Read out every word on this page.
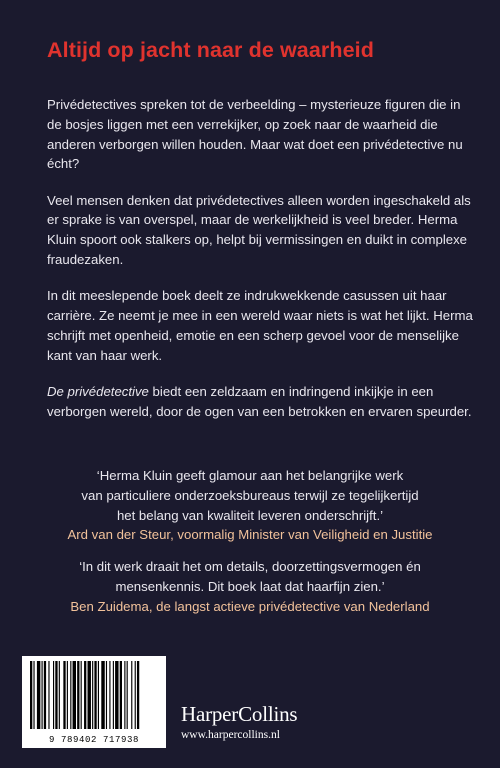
Altijd op jacht naar de waarheid

Privédetectives spreken tot de verbeelding – mysterieuze figuren die in de bosjes liggen met een verrekijker, op zoek naar de waarheid die anderen verborgen willen houden. Maar wat doet een privédetective nu écht?

Veel mensen denken dat privédetectives alleen worden ingeschakeld als er sprake is van overspel, maar de werkelijkheid is veel breder. Herma Kluin spoort ook stalkers op, helpt bij vermissingen en duikt in complexe fraudezaken.

In dit meeslepende boek deelt ze indrukwekkende casussen uit haar carrière. Ze neemt je mee in een wereld waar niets is wat het lijkt. Herma schrijft met openheid, emotie en een scherp gevoel voor de menselijke kant van haar werk.

De privédetective biedt een zeldzaam en indringend inkijkje in een verborgen wereld, door de ogen van een betrokken en ervaren speurder.

‘Herma Kluin geeft glamour aan het belangrijke werk
van particuliere onderzoeksbureaus terwijl ze tegelijkertijd
het belang van kwaliteit leveren onderschrijft.’
Ard van der Steur, voormalig Minister van Veiligheid en Justitie
‘In dit werk draait het om details, doorzettingsvermogen én
mensenkennis. Dit boek laat dat haarfijn zien.’
Ben Zuidema, de langst actieve privédetective van Nederland
9 789402 717938
HarperCollins
www.harpercollins.nl
